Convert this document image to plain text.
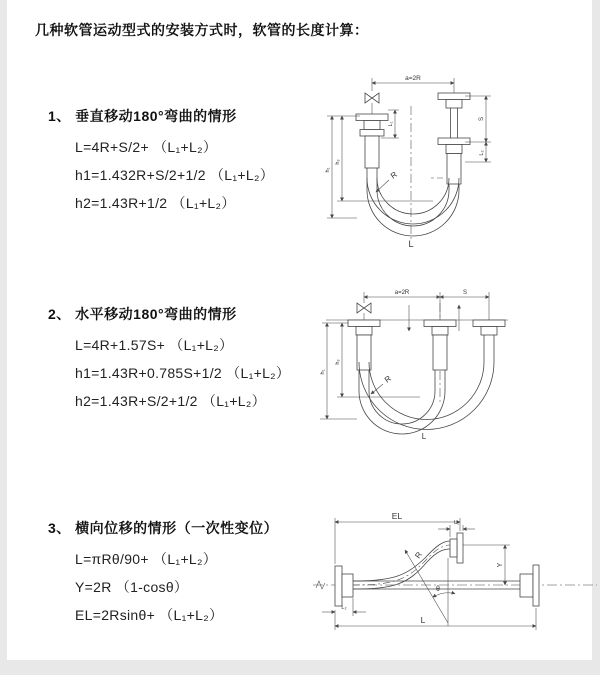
几种软管运动型式的安装方式时，软管的长度计算：
1、 垂直移动180°弯曲的情形
L=4R+S/2+ （L₁+L₂）
h1=1.432R+S/2+1/2 （L₁+L₂）
h2=1.43R+1/2 （L₁+L₂）
2、 水平移动180°弯曲的情形
L=4R+1.57S+ （L₁+L₂）
h1=1.43R+0.785S+1/2 （L₁+L₂）
h2=1.43R+S/2+1/2 （L₁+L₂）
3、 横向位移的情形（一次性变位）
L=πRθ/90+ （L₁+L₂）
Y=2R （1-cosθ）
EL=2Rsinθ+ （L₁+L₂）
a=2R
L₁
S
L₂
h₁
h₂
R
L
a=2R	S
h₁
h₂
R
L
EL
L₁
Y
R
θ
L
L₂
